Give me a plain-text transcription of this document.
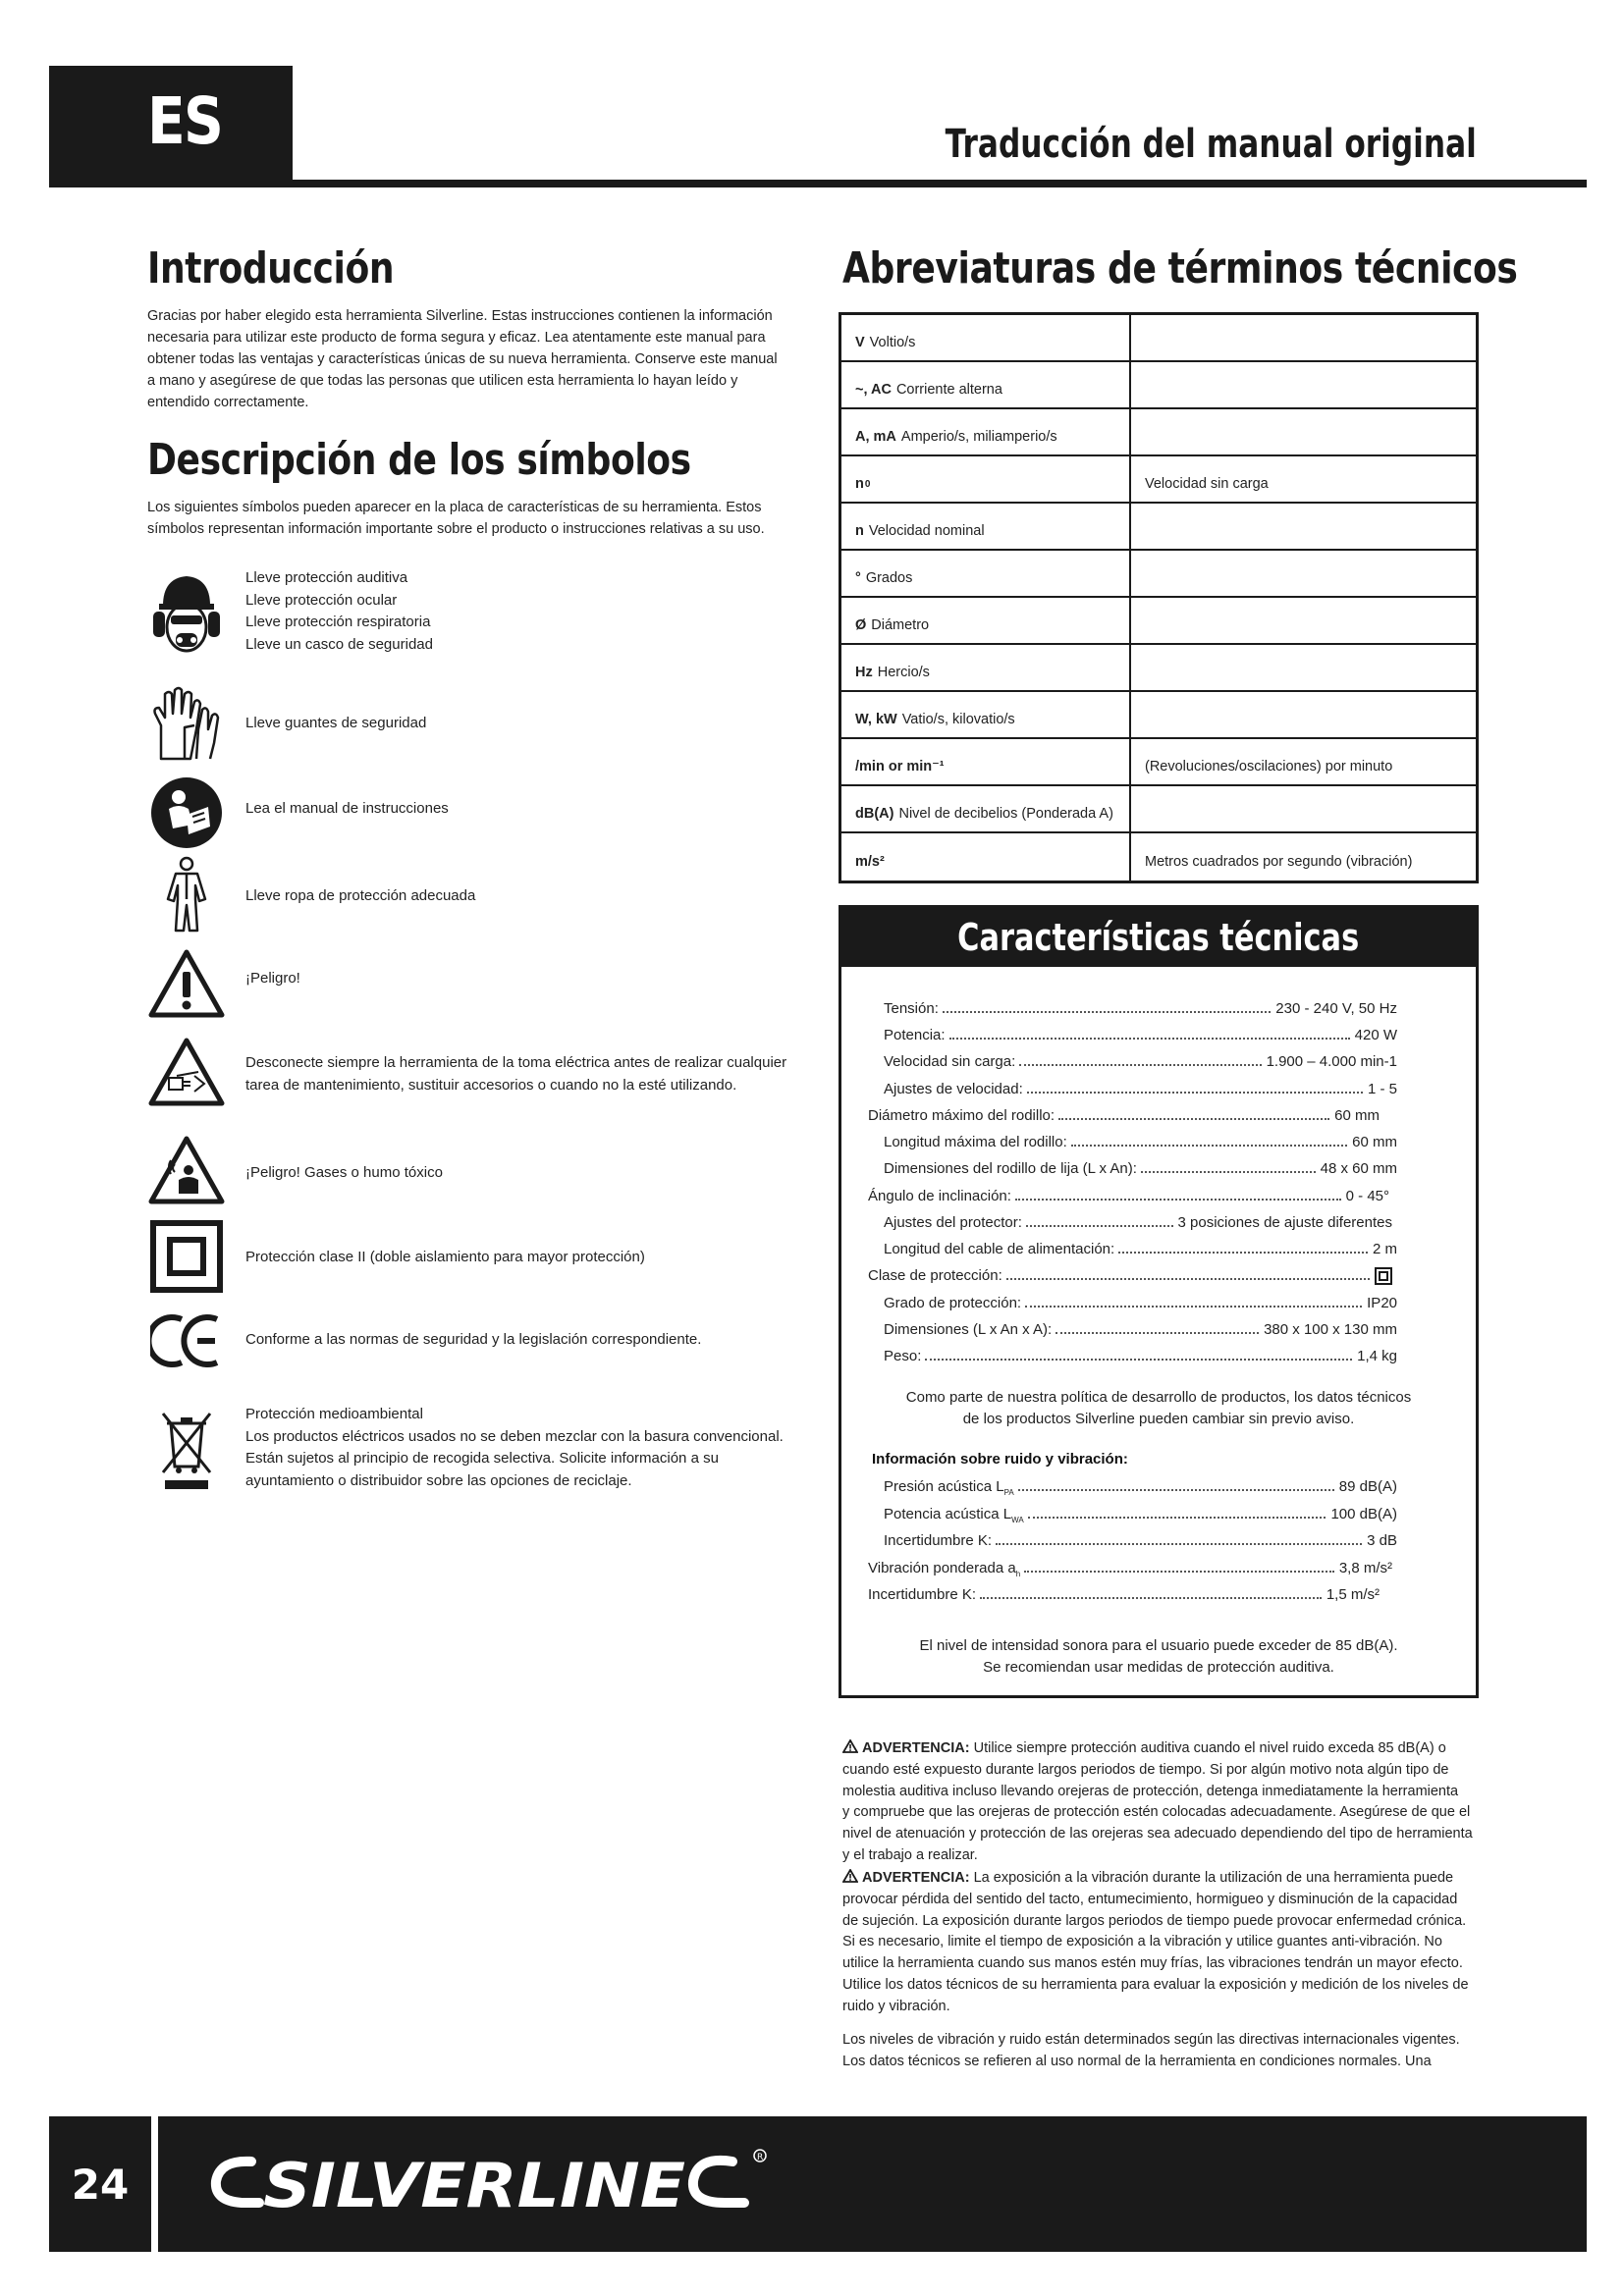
ES	Traducción del manual original
Introducción
Gracias por haber elegido esta herramienta Silverline. Estas instrucciones contienen la información
necesaria para utilizar este producto de forma segura y eficaz. Lea atentamente este manual para
obtener todas las ventajas y características únicas de su nueva herramienta. Conserve este manual
a mano y asegúrese de que todas las personas que utilicen esta herramienta lo hayan leído y
entendido correctamente.
Descripción de los símbolos
Los siguientes símbolos pueden aparecer en la placa de características de su herramienta. Estos
símbolos representan información importante sobre el producto o instrucciones relativas a su uso.
Lleve protección auditiva
Lleve protección ocular
Lleve protección respiratoria
Lleve un casco de seguridad
Lleve guantes de seguridad
Lea el manual de instrucciones
Lleve ropa de protección adecuada
¡Peligro!
Desconecte siempre la herramienta de la toma eléctrica antes de realizar cualquier
tarea de mantenimiento, sustituir accesorios o cuando no la esté utilizando.
¡Peligro! Gases o humo tóxico
Protección clase II (doble aislamiento para mayor protección)
Conforme a las normas de seguridad y la legislación correspondiente.
Protección medioambiental
Los productos eléctricos usados no se deben mezclar con la basura convencional.
Están sujetos al principio de recogida selectiva. Solicite información a su
ayuntamiento o distribuidor sobre las opciones de reciclaje.
Abreviaturas de términos técnicos
V Voltio/s
~, AC Corriente alterna
A, mA Amperio/s, miliamperio/s
n 0	Velocidad sin carga
n Velocidad nominal
° Grados
Ø Diámetro
Hz Hercio/s
W, kW Vatio/s, kilovatio/s
/min or min⁻¹	(Revoluciones/oscilaciones) por minuto
dB(A) Nivel de decibelios (Ponderada A)
m/s²	Metros cuadrados por segundo (vibración)
Características técnicas
Tensión:	230 - 240 V, 50 Hz
Potencia:	420 W
Velocidad sin carga:	1.900 – 4.000 min-1
Ajustes de velocidad:	1 - 5
Diámetro máximo del rodillo:	60 mm
Longitud máxima del rodillo:	60 mm
Dimensiones del rodillo de lija (L x An):	48 x 60 mm
Ángulo de inclinación:	0 - 45°
Ajustes del protector:	3 posiciones de ajuste diferentes
Longitud del cable de alimentación:	2 m
Clase de protección:
Grado de protección:	IP20
Dimensiones (L x An x A):	380 x 100 x 130 mm
Peso:	1,4 kg
Como parte de nuestra política de desarrollo de productos, los datos técnicos
de los productos Silverline pueden cambiar sin previo aviso.
Información sobre ruido y vibración:
Presión acústica $L_{PA}$	89 dB(A)
Potencia acústica $L_{WA}$	100 dB(A)
Incertidumbre K:	3 dB
Vibración ponderada $a_h$	3,8 m/s²
Incertidumbre K:	1,5 m/s²
El nivel de intensidad sonora para el usuario puede exceder de 85 dB(A).
Se recomiendan usar medidas de protección auditiva.
ADVERTENCIA: Utilice siempre protección auditiva cuando el nivel ruido exceda 85 dB(A) o
cuando esté expuesto durante largos periodos de tiempo. Si por algún motivo nota algún tipo de
molestia auditiva incluso llevando orejeras de protección, detenga inmediatamente la herramienta
y compruebe que las orejeras de protección estén colocadas adecuadamente. Asegúrese de que el
nivel de atenuación y protección de las orejeras sea adecuado dependiendo del tipo de herramienta
y el trabajo a realizar.
ADVERTENCIA: La exposición a la vibración durante la utilización de una herramienta puede
provocar pérdida del sentido del tacto, entumecimiento, hormigueo y disminución de la capacidad
de sujeción. La exposición durante largos periodos de tiempo puede provocar enfermedad crónica.
Si es necesario, limite el tiempo de exposición a la vibración y utilice guantes anti-vibración. No
utilice la herramienta cuando sus manos estén muy frías, las vibraciones tendrán un mayor efecto.
Utilice los datos técnicos de su herramienta para evaluar la exposición y medición de los niveles de
ruido y vibración.
Los niveles de vibración y ruido están determinados según las directivas internacionales vigentes.
Los datos técnicos se refieren al uso normal de la herramienta en condiciones normales. Una
24	SILVERLINE	R
